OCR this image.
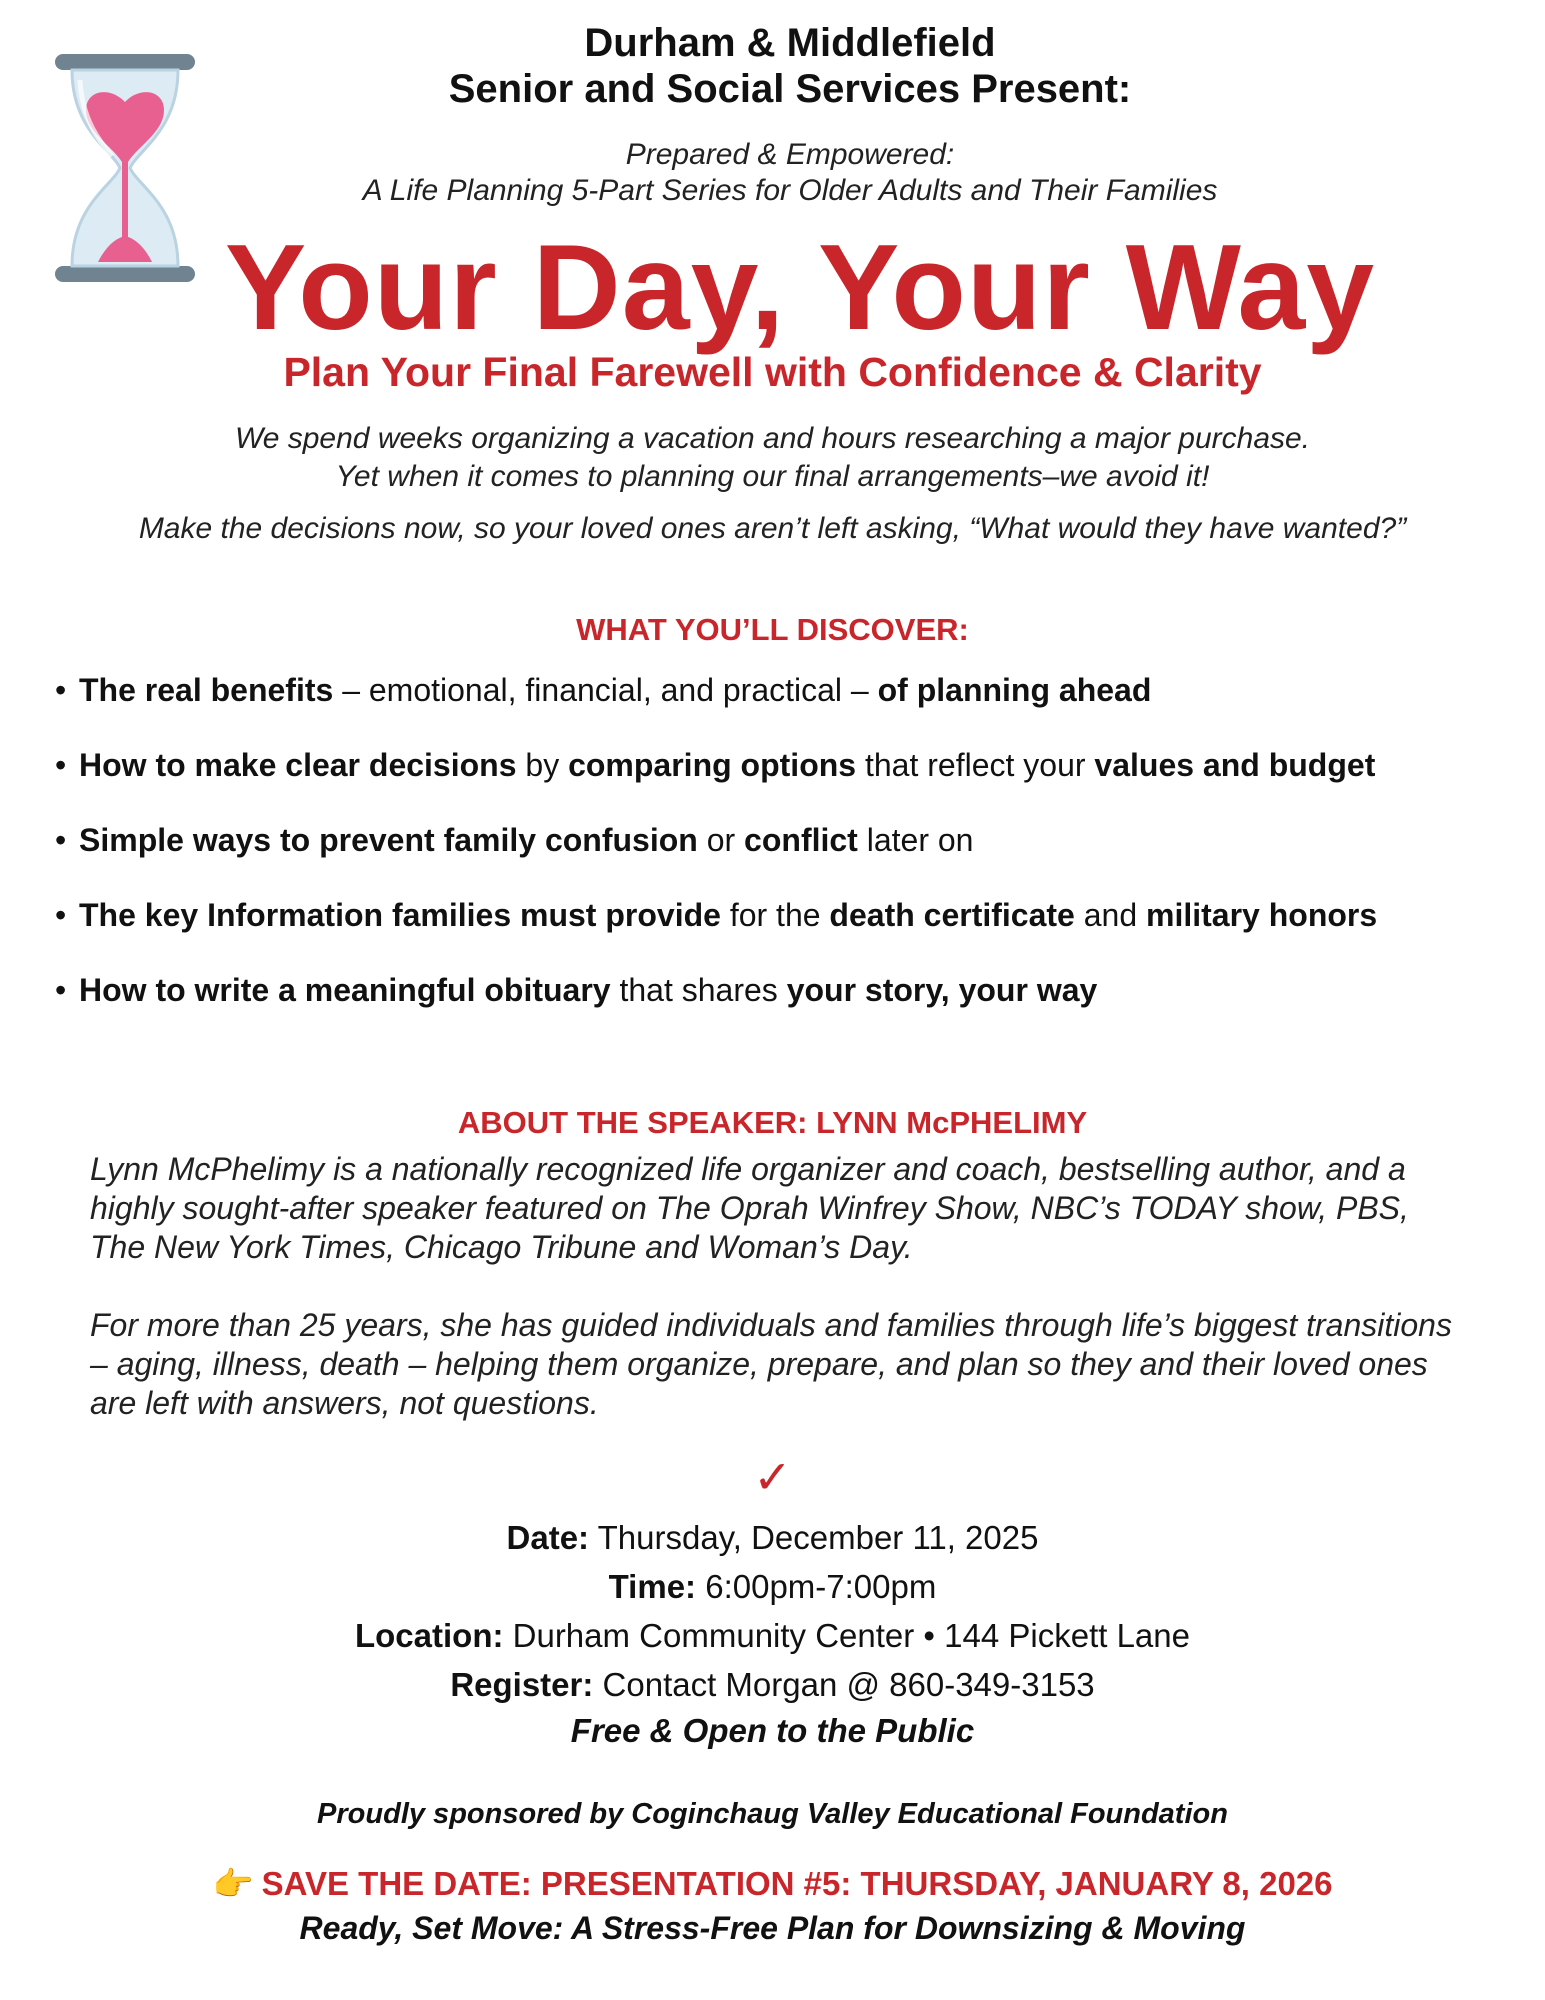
Durham & Middlefield
Senior and Social Services Present:
Prepared & Empowered:
A Life Planning 5-Part Series for Older Adults and Their Families
Your Day, Your Way
Plan Your Final Farewell with Confidence & Clarity
We spend weeks organizing a vacation and hours researching a major purchase.
Yet when it comes to planning our final arrangements–we avoid it!
Make the decisions now, so your loved ones aren’t left asking, “What would they have wanted?”
WHAT YOU’LL DISCOVER:
• The real benefits – emotional, financial, and practical – of planning ahead
• How to make clear decisions by comparing options that reflect your values and budget
• Simple ways to prevent family confusion or conflict later on
• The key Information families must provide for the death certificate and military honors
• How to write a meaningful obituary that shares your story, your way
ABOUT THE SPEAKER: LYNN McPHELIMY
Lynn McPhelimy is a nationally recognized life organizer and coach, bestselling author, and a highly sought-after speaker featured on The Oprah Winfrey Show, NBC’s TODAY show, PBS, The New York Times, Chicago Tribune and Woman’s Day.
For more than 25 years, she has guided individuals and families through life’s biggest transitions – aging, illness, death – helping them organize, prepare, and plan so they and their loved ones are left with answers, not questions.
✓
Date: Thursday, December 11, 2025
Time: 6:00pm-7:00pm
Location: Durham Community Center • 144 Pickett Lane
Register: Contact Morgan @ 860-349-3153
Free & Open to the Public
Proudly sponsored by Coginchaug Valley Educational Foundation
👉 SAVE THE DATE: PRESENTATION #5: THURSDAY, JANUARY 8, 2026
Ready, Set Move: A Stress-Free Plan for Downsizing & Moving
